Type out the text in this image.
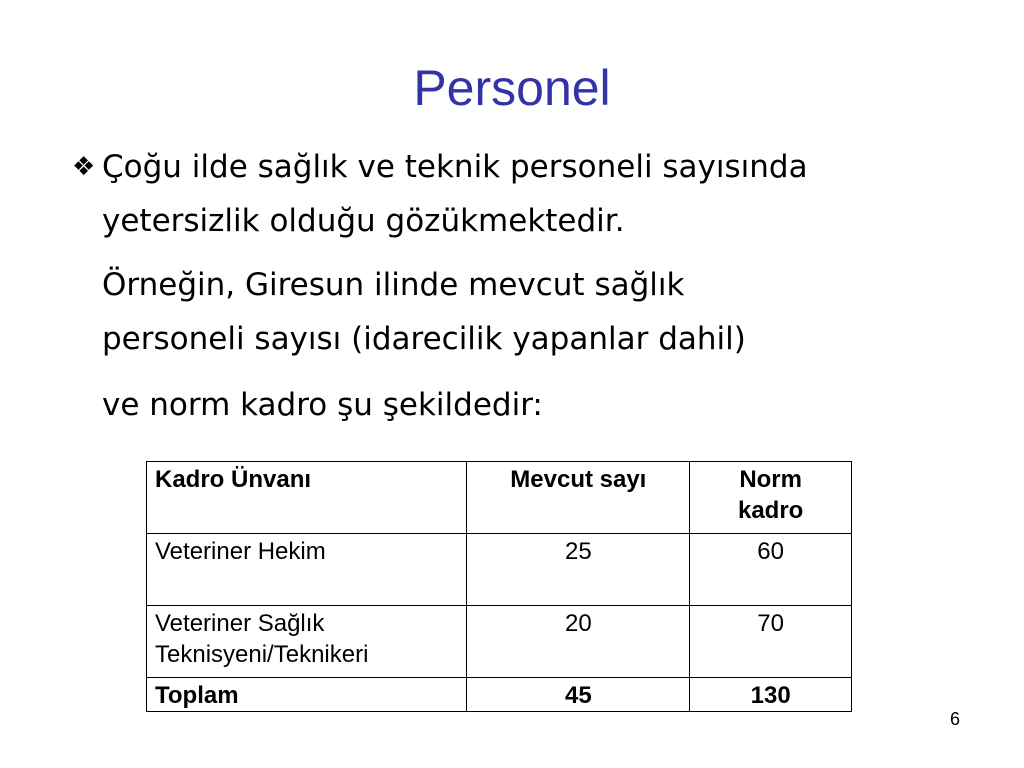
Personel
❖ Çoğu ilde sağlık ve teknik personeli sayısında
yetersizlik olduğu gözükmektedir.
Örneğin, Giresun ilinde mevcut sağlık
personeli sayısı (idarecilik yapanlar dahil)
ve norm kadro şu şekildedir:
Kadro Ünvanı	Mevcut sayı	Norm
kadro
Veteriner Hekim	25	60
Veteriner Sağlık
Teknisyeni/Teknikeri	20	70
Toplam	45	130
6
